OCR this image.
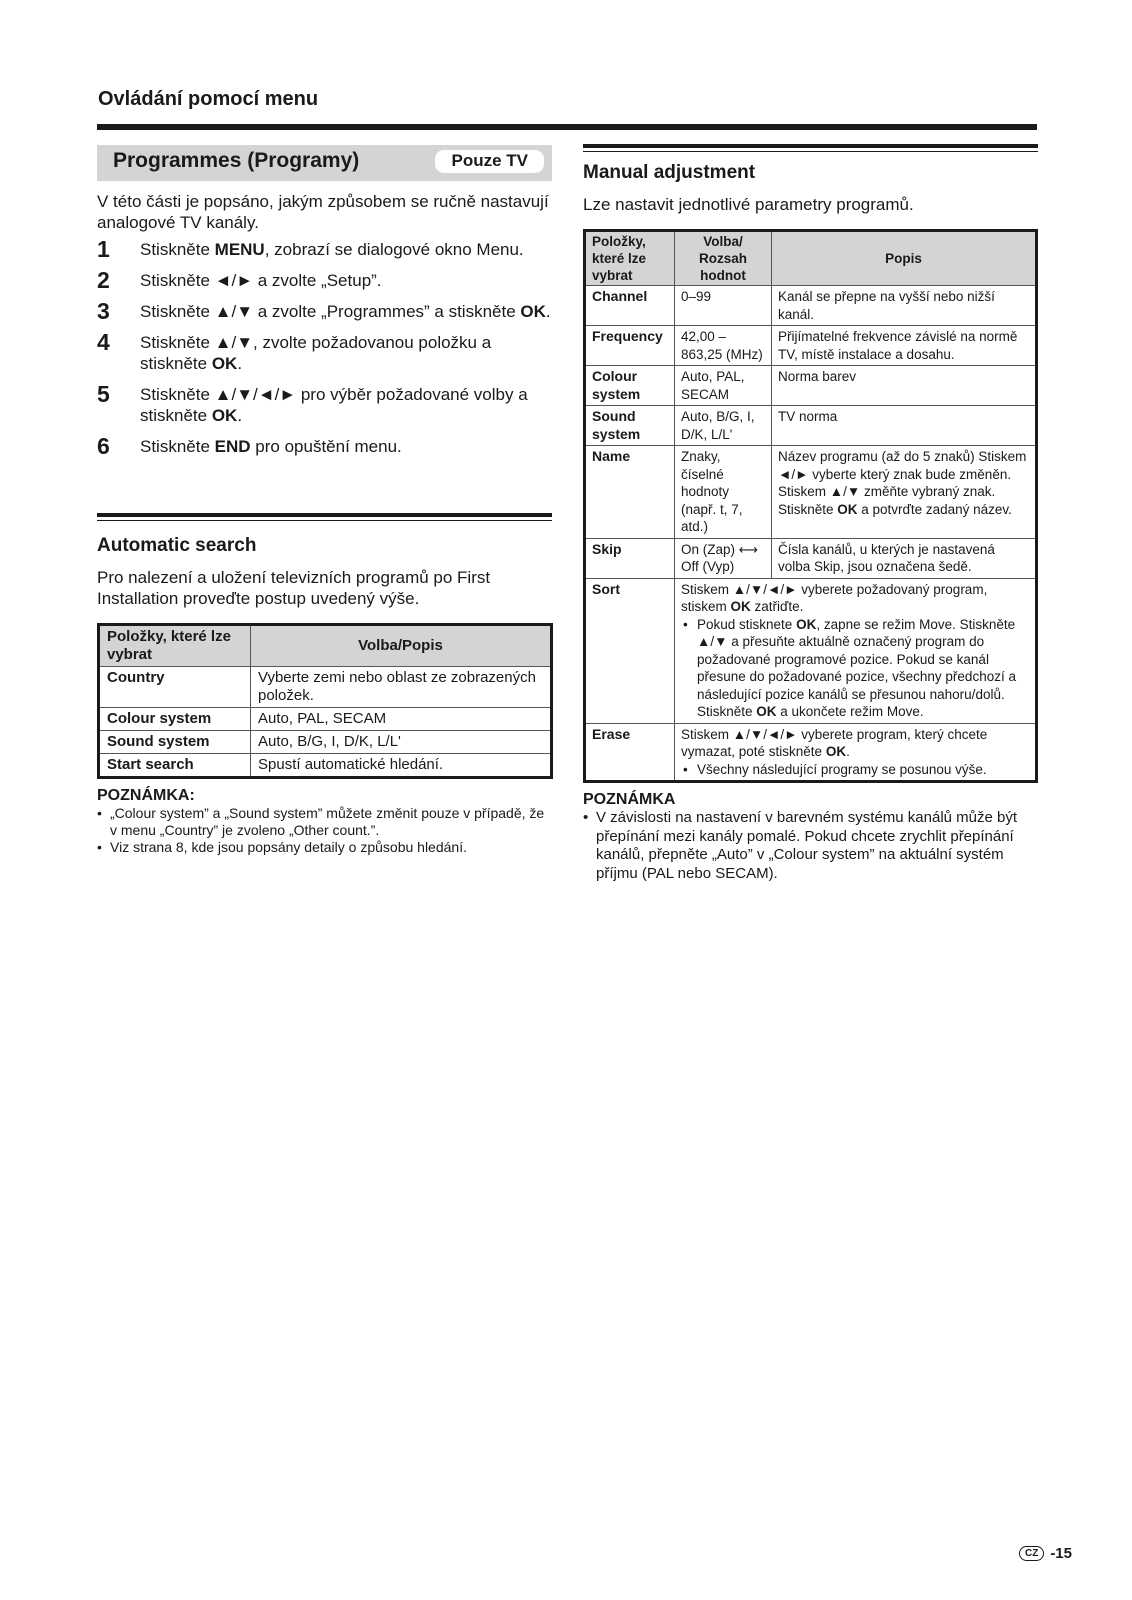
Ovládání pomocí menu
Programmes (Programy)	Pouze TV
V této části je popsáno, jakým způsobem se ručně nastavují analogové TV kanály.
1	Stiskněte MENU, zobrazí se dialogové okno Menu.
2	Stiskněte ◄/► a zvolte „Setup”.
3	Stiskněte ▲/▼ a zvolte „Programmes” a stiskněte OK.
4	Stiskněte ▲/▼, zvolte požadovanou položku a stiskněte OK.
5	Stiskněte ▲/▼/◄/► pro výběr požadované volby a stiskněte OK.
6	Stiskněte END pro opuštění menu.
Automatic search
Pro nalezení a uložení televizních programů po First Installation proveďte postup uvedený výše.
Položky, které lze vybrat	Volba/Popis
Country	Vyberte zemi nebo oblast ze zobrazených položek.
Colour system	Auto, PAL, SECAM
Sound system	Auto, B/G, I, D/K, L/L'
Start search	Spustí automatické hledání.
POZNÁMKA:
• „Colour system” a „Sound system” můžete změnit pouze v případě, že v menu „Country” je zvoleno „Other count.”.
• Viz strana 8, kde jsou popsány detaily o způsobu hledání.
Manual adjustment
Lze nastavit jednotlivé parametry programů.
Položky, které lze vybrat	Volba/ Rozsah hodnot	Popis
Channel	0–99	Kanál se přepne na vyšší nebo nižší kanál.
Frequency	42,00 – 863,25 (MHz)	Přijímatelné frekvence závislé na normě TV, místě instalace a dosahu.
Colour system	Auto, PAL, SECAM	Norma barev
Sound system	Auto, B/G, I, D/K, L/L'	TV norma
Name	Znaky, číselné hodnoty (např. t, 7, atd.)	Název programu (až do 5 znaků) Stiskem ◄/► vyberte který znak bude změněn. Stiskem ▲/▼ změňte vybraný znak. Stiskněte OK a potvrďte zadaný název.
Skip	On (Zap) ⟷ Off (Vyp)	Čísla kanálů, u kterých je nastavená volba Skip, jsou označena šedě.
Sort	Stiskem ▲/▼/◄/► vyberete požadovaný program, stiskem OK zatřiďte.
• Pokud stisknete OK, zapne se režim Move. Stiskněte ▲/▼ a přesuňte aktuálně označený program do požadované programové pozice. Pokud se kanál přesune do požadované pozice, všechny předchozí a následující pozice kanálů se přesunou nahoru/dolů. Stiskněte OK a ukončete režim Move.

Erase	Stiskem ▲/▼/◄/► vyberete program, který chcete vymazat, poté stiskněte OK.
• Všechny následující programy se posunou výše.
POZNÁMKA
• V závislosti na nastavení v barevném systému kanálů může být přepínání mezi kanály pomalé. Pokud chcete zrychlit přepínání kanálů, přepněte „Auto” v „Colour system” na aktuální systém příjmu (PAL nebo SECAM).
CZ -15
